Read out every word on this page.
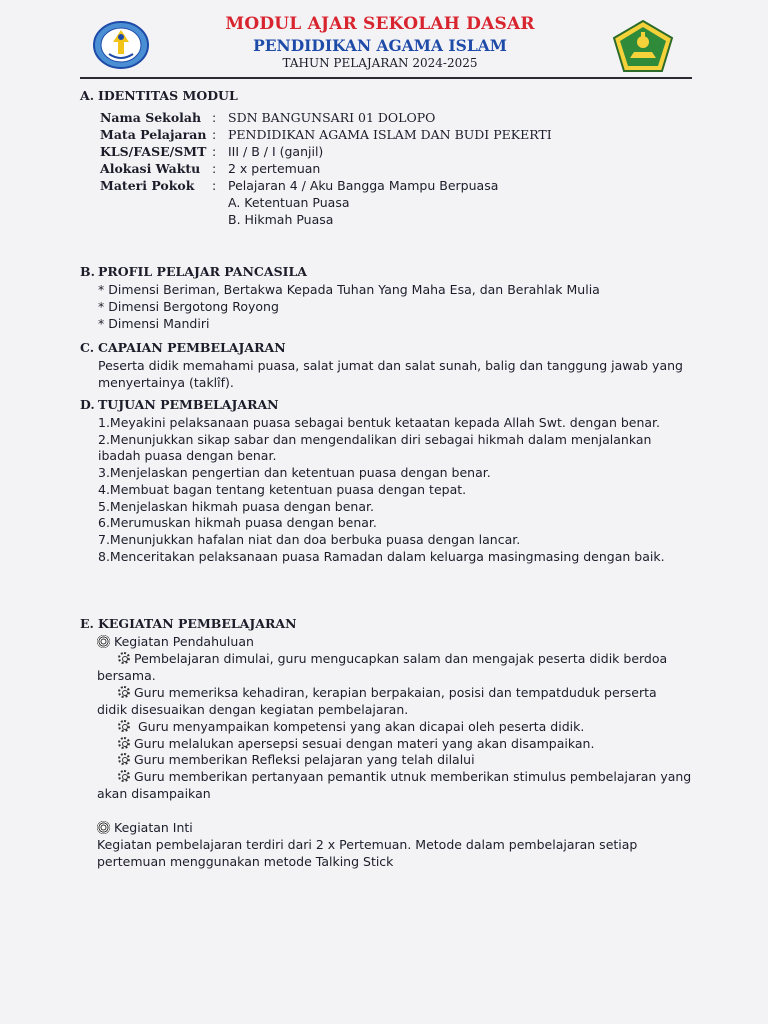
MODUL AJAR SEKOLAH DASAR
PENDIDIKAN AGAMA ISLAM
TAHUN PELAJARAN 2024-2025
A. IDENTITAS MODUL
Nama Sekolah : SDN BANGUNSARI 01 DOLOPO
Mata Pelajaran : PENDIDIKAN AGAMA ISLAM DAN BUDI PEKERTI
KLS/FASE/SMT : III / B / I (ganjil)
Alokasi Waktu : 2 x pertemuan
Materi Pokok : Pelajaran 4 / Aku Bangga Mampu Berpuasa
A. Ketentuan Puasa
B. Hikmah Puasa
B. PROFIL PELAJAR PANCASILA
* Dimensi Beriman, Bertakwa Kepada Tuhan Yang Maha Esa, dan Berahlak Mulia
* Dimensi Bergotong Royong
* Dimensi Mandiri
C. CAPAIAN PEMBELAJARAN
Peserta didik memahami puasa, salat jumat dan salat sunah, balig dan tanggung jawab yang
menyertainya (taklîf).
D. TUJUAN PEMBELAJARAN
1.Meyakini pelaksanaan puasa sebagai bentuk ketaatan kepada Allah Swt. dengan benar.
2.Menunjukkan sikap sabar dan mengendalikan diri sebagai hikmah dalam menjalankan
ibadah puasa dengan benar.
3.Menjelaskan pengertian dan ketentuan puasa dengan benar.
4.Membuat bagan tentang ketentuan puasa dengan tepat.
5.Menjelaskan hikmah puasa dengan benar.
6.Merumuskan hikmah puasa dengan benar.
7.Menunjukkan hafalan niat dan doa berbuka puasa dengan lancar.
8.Menceritakan pelaksanaan puasa Ramadan dalam keluarga masingmasing dengan baik.
E. KEGIATAN PEMBELAJARAN
Kegiatan Pendahuluan
Pembelajaran dimulai, guru mengucapkan salam dan mengajak peserta didik berdoa
bersama.
Guru memeriksa kehadiran, kerapian berpakaian, posisi dan tempatduduk perserta
didik disesuaikan dengan kegiatan pembelajaran.
Guru menyampaikan kompetensi yang akan dicapai oleh peserta didik.
Guru melalukan apersepsi sesuai dengan materi yang akan disampaikan.
Guru memberikan Refleksi pelajaran yang telah dilalui
Guru memberikan pertanyaan pemantik utnuk memberikan stimulus pembelajaran yang
akan disampaikan
Kegiatan Inti
Kegiatan pembelajaran terdiri dari 2 x Pertemuan. Metode dalam pembelajaran setiap
pertemuan menggunakan metode Talking Stick
